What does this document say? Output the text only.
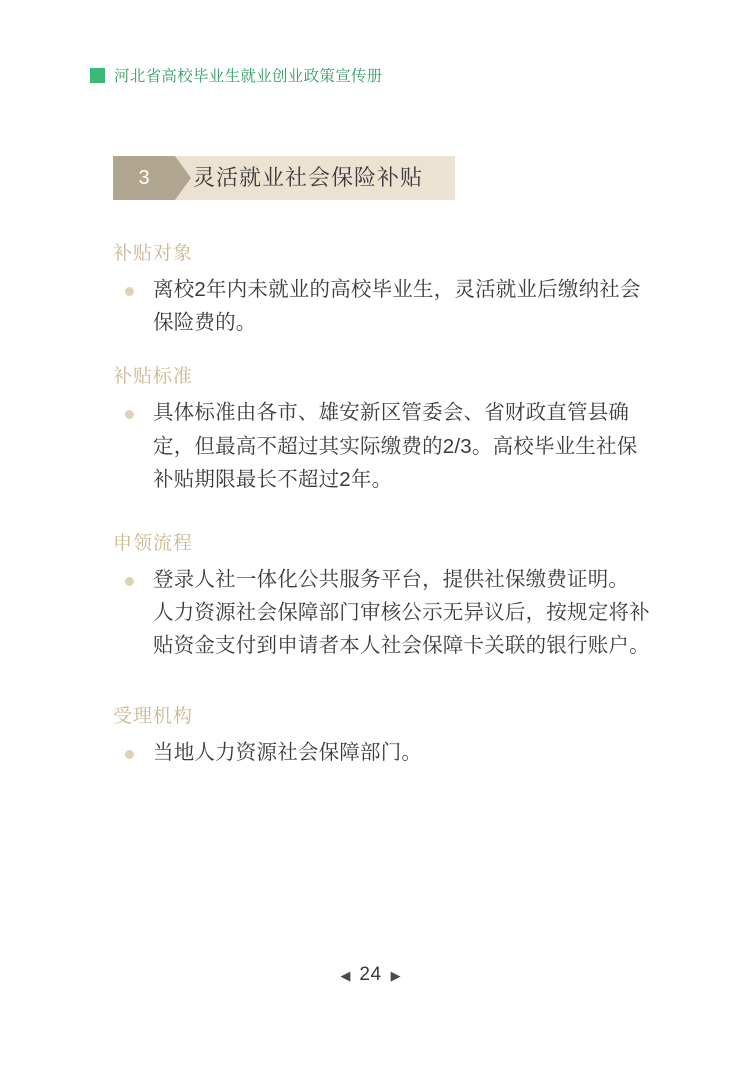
河北省高校毕业生就业创业政策宣传册
3 灵活就业社会保险补贴
补贴对象

离校2年内未就业的高校毕业生，灵活就业后缴纳社会保险费的。

补贴标准

具体标准由各市、雄安新区管委会、省财政直管县确定，但最高不超过其实际缴费的2/3。高校毕业生社保补贴期限最长不超过2年。

申领流程

登录人社一体化公共服务平台，提供社保缴费证明。

人力资源社会保障部门审核公示无异议后，按规定将补贴资金支付到申请者本人社会保障卡关联的银行账户。

受理机构

当地人力资源社会保障部门。

◀ 24 ▶
